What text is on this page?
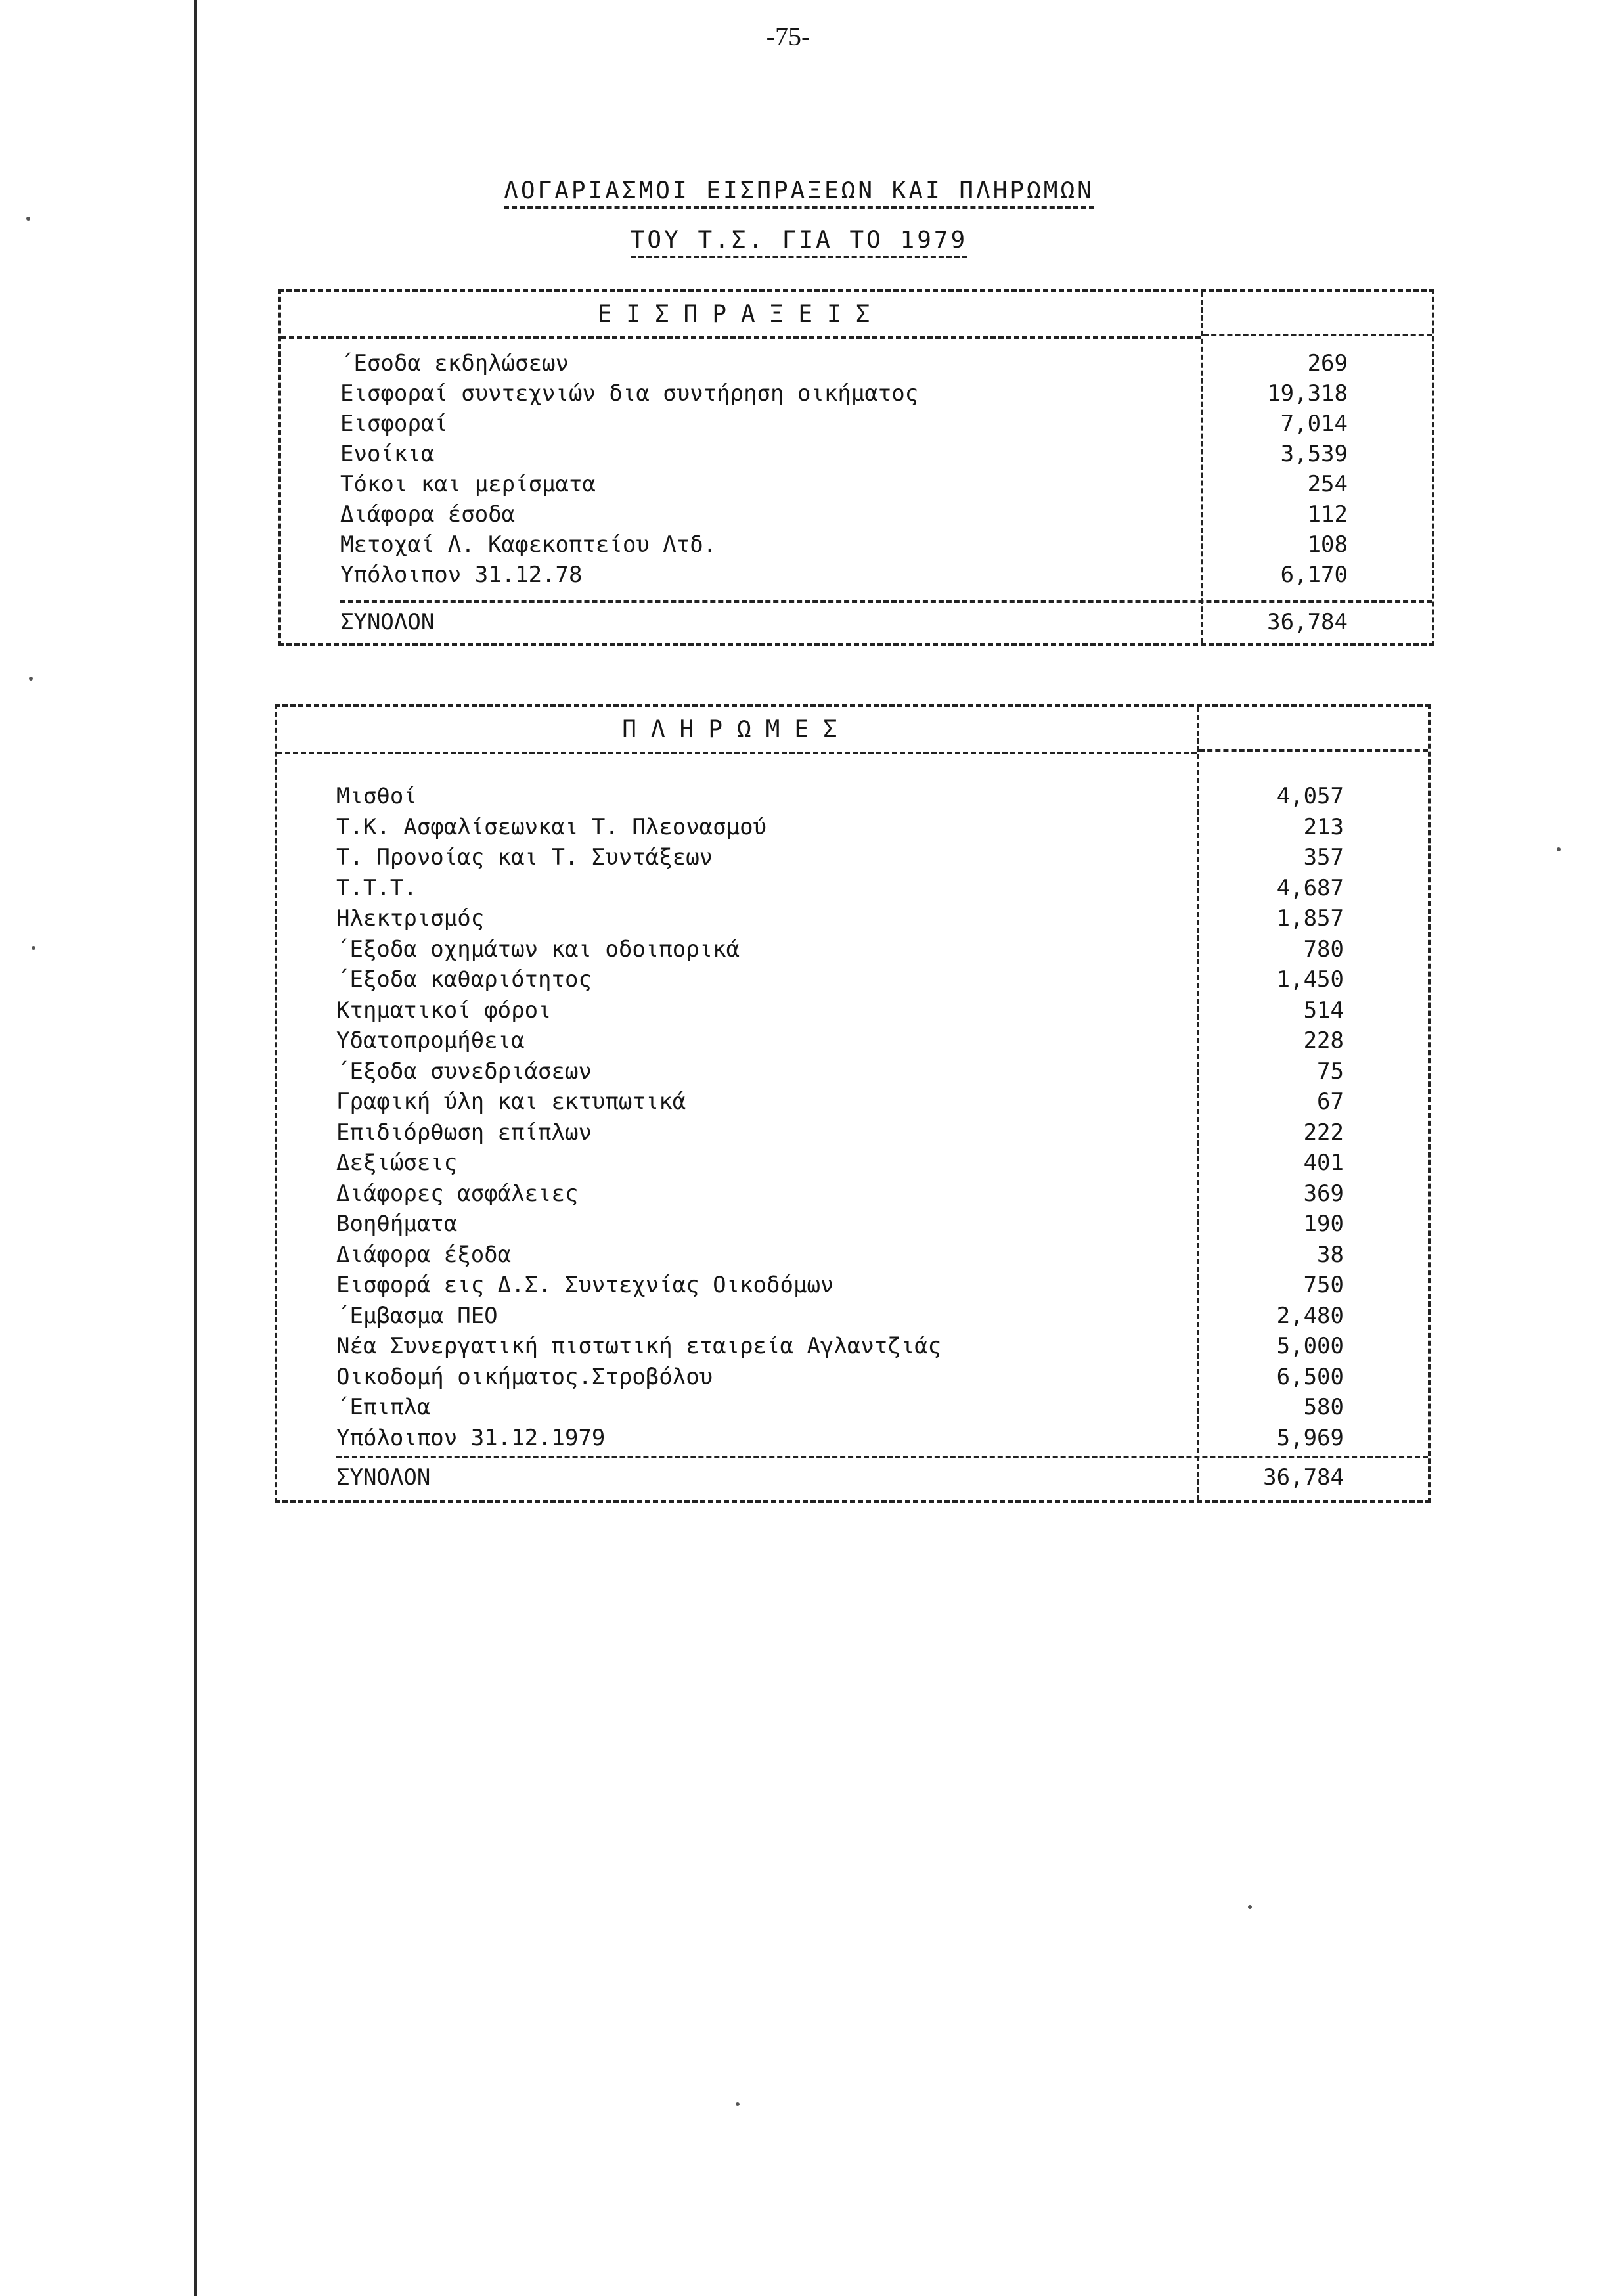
-75-
ΛΟΓΑΡΙΑΣΜΟΙ ΕΙΣΠΡΑΞΕΩΝ ΚΑΙ ΠΛΗΡΩΜΩΝ
ΤΟΥ Τ.Σ. ΓΙΑ ΤΟ 1979
ΕΙΣΠΡΑΞΕΙΣ
΄Εσοδα εκδηλώσεων	269
Εισφοραί συντεχνιών δια συντήρηση οικήματος	19,318
Εισφοραί	7,014
Ενοίκια	3,539
Τόκοι και μερίσματα	254
Διάφορα έσοδα	112
Μετοχαί Λ. Καφεκοπτείου Λτδ.	108
Υπόλοιπον 31.12.78	6,170
ΣΥΝΟΛΟΝ	36,784
ΠΛΗΡΩΜΕΣ
Μισθοί	4,057
Τ.Κ. Ασφαλίσεωνκαι Τ. Πλεονασμού	213
Τ. Προνοίας και Τ. Συντάξεων	357
Τ.Τ.Τ.	4,687
Ηλεκτρισμός	1,857
΄Εξοδα οχημάτων και οδοιπορικά	780
΄Εξοδα καθαριότητος	1,450
Κτηματικοί φόροι	514
Υδατοπρομήθεια	228
΄Εξοδα συνεδριάσεων	75
Γραφική ύλη και εκτυπωτικά	67
Επιδιόρθωση επίπλων	222
Δεξιώσεις	401
Διάφορες ασφάλειες	369
Βοηθήματα	190
Διάφορα έξοδα	38
Εισφορά εις Δ.Σ. Συντεχνίας Οικοδόμων	750
΄Εμβασμα ΠΕΟ	2,480
Νέα Συνεργατική πιστωτική εταιρεία Αγλαντζιάς	5,000
Οικοδομή οικήματος.Στροβόλου	6,500
΄Επιπλα	580
Υπόλοιπον 31.12.1979	5,969
ΣΥΝΟΛΟΝ	36,784
